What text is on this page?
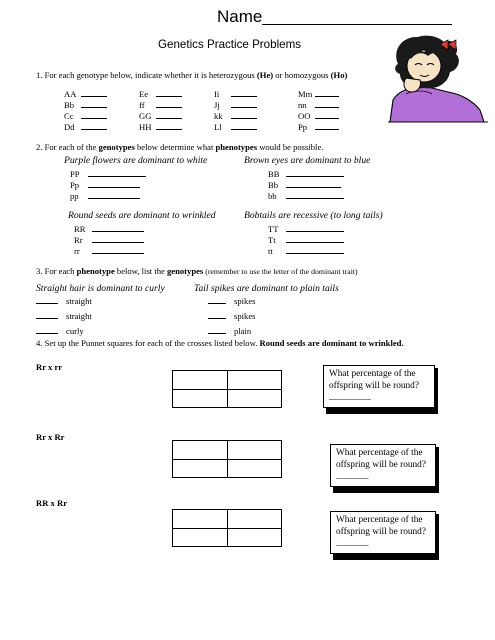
Name
Genetics Practice Problems
1. For each genotype below, indicate whether it is heterozygous (He) or homozygous (Ho)
AA
Bb
Cc
Dd
Ee
ff
GG
HH
Ii
Jj
kk
Ll
Mm
nn
OO
Pp
2. For each of the genotypes below determine what phenotypes would be possible.
Purple flowers are dominant to white
PP
Pp
pp
Brown eyes are dominant to blue
BB
Bb
bb
Round seeds are dominant to wrinkled
RR
Rr
rr
Bobtails are recessive (to long tails)
TT
Tt
tt
3. For each phenotype below, list the genotypes (remember to use the letter of the dominant trait)
Straight hair is dominant to curly
straight
straight
curly
Tail spikes are dominant to plain tails
spikes
spikes
plain
4. Set up the Punnet squares for each of the crosses listed below. Round seeds are dominant to wrinkled.
Rr x rr
What percentage of the offspring will be round? _________
Rr x Rr
What percentage of the offspring will be round? _______
RR x Rr
What percentage of the offspring will be round? _______
